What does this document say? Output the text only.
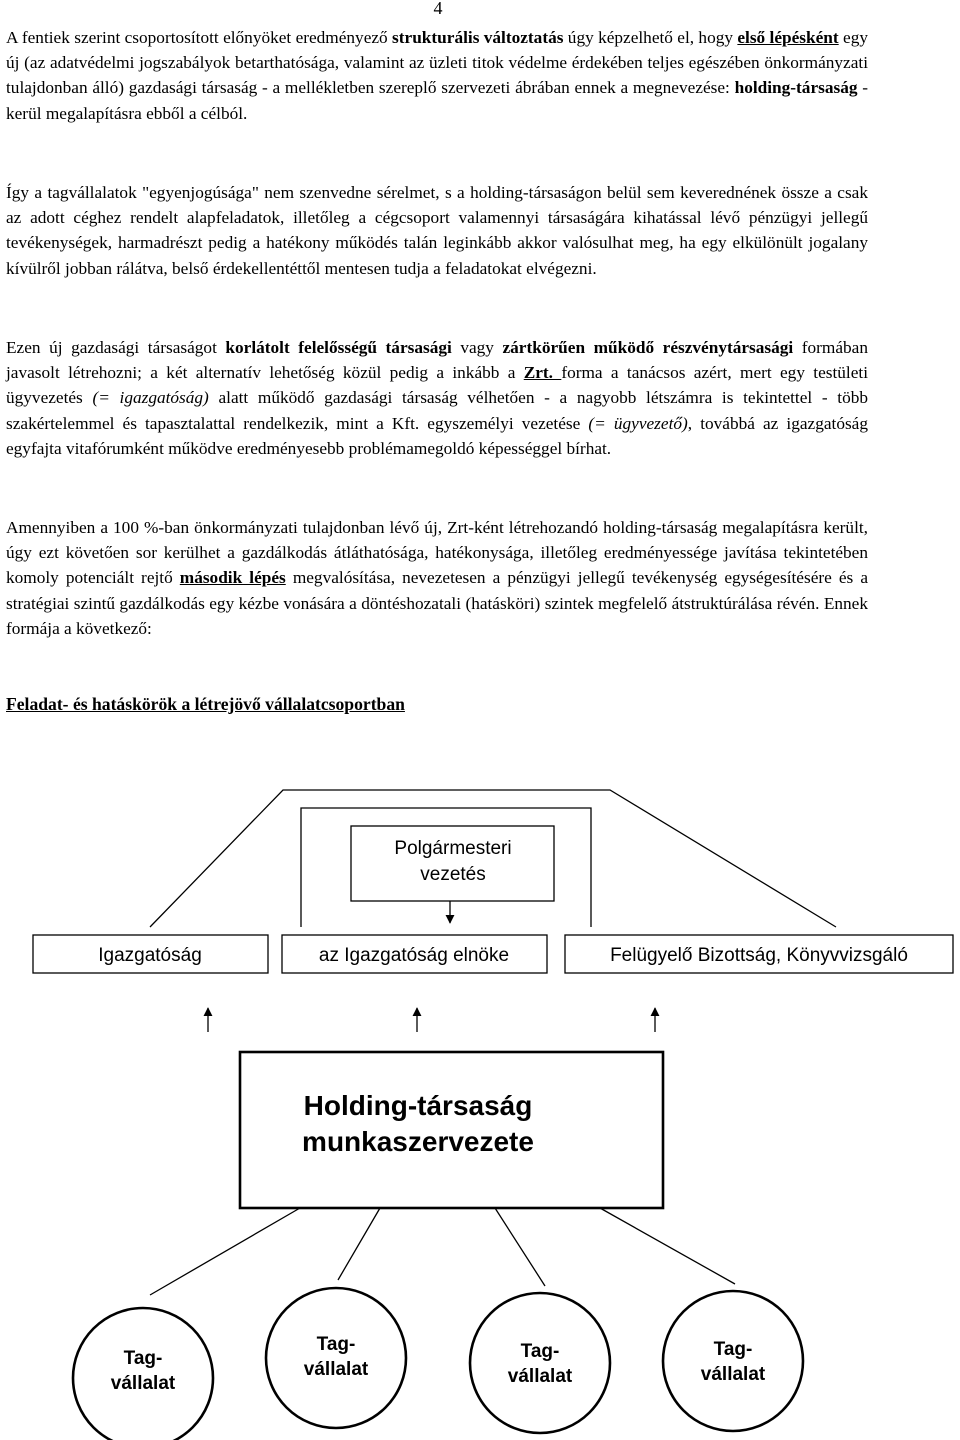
4

A fentiek szerint csoportosított előnyöket eredményező strukturális változtatás úgy képzelhető el, hogy első lépésként egy új (az adatvédelmi jogszabályok betarthatósága, valamint az üzleti titok védelme érdekében teljes egészében önkormányzati tulajdonban álló) gazdasági társaság - a mellékletben szereplő szervezeti ábrában ennek a megnevezése: holding-társaság - kerül megalapításra ebből a célból.

Így a tagvállalatok "egyenjogúsága" nem szenvedne sérelmet, s a holding-társaságon belül sem keverednének össze a csak az adott céghez rendelt alapfeladatok, illetőleg a cégcsoport valamennyi társaságára kihatással lévő pénzügyi jellegű tevékenységek, harmadrészt pedig a hatékony működés talán leginkább akkor valósulhat meg, ha egy elkülönült jogalany kívülről jobban rálátva, belső érdekellentéttől mentesen tudja a feladatokat elvégezni.

Ezen új gazdasági társaságot korlátolt felelősségű társasági vagy zártkörűen működő részvénytársasági formában javasolt létrehozni; a két alternatív lehetőség közül pedig a inkább a Zrt. forma a tanácsos azért, mert egy testületi ügyvezetés (= igazgatóság) alatt működő gazdasági társaság vélhetően - a nagyobb létszámra is tekintettel - több szakértelemmel és tapasztalattal rendelkezik, mint a Kft. egyszemélyi vezetése (= ügyvezető), továbbá az igazgatóság egyfajta vitafórumként működve eredményesebb problémamegoldó képességgel bírhat.

Amennyiben a 100 %-ban önkormányzati tulajdonban lévő új, Zrt-ként létrehozandó holding-társaság megalapításra került, úgy ezt követően sor kerülhet a gazdálkodás átláthatósága, hatékonysága, illetőleg eredményessége javítása tekintetében komoly potenciált rejtő második lépés megvalósítása, nevezetesen a pénzügyi jellegű tevékenység egységesítésére és a stratégiai szintű gazdálkodás egy kézbe vonására a döntéshozatali (hatásköri) szintek megfelelő átstruktúrálása révén. Ennek formája a következő:

Feladat- és hatáskörök a létrejövő vállalatcsoportban
Polgármesteri
vezetés
Igazgatóság	az Igazgatóság elnöke	Felügyelő Bizottság, Könyvvizsgáló
Holding-társaság
munkaszervezete
Tag-
vállalat
Tag-
vállalat
Tag-
vállalat
Tag-
vállalat
